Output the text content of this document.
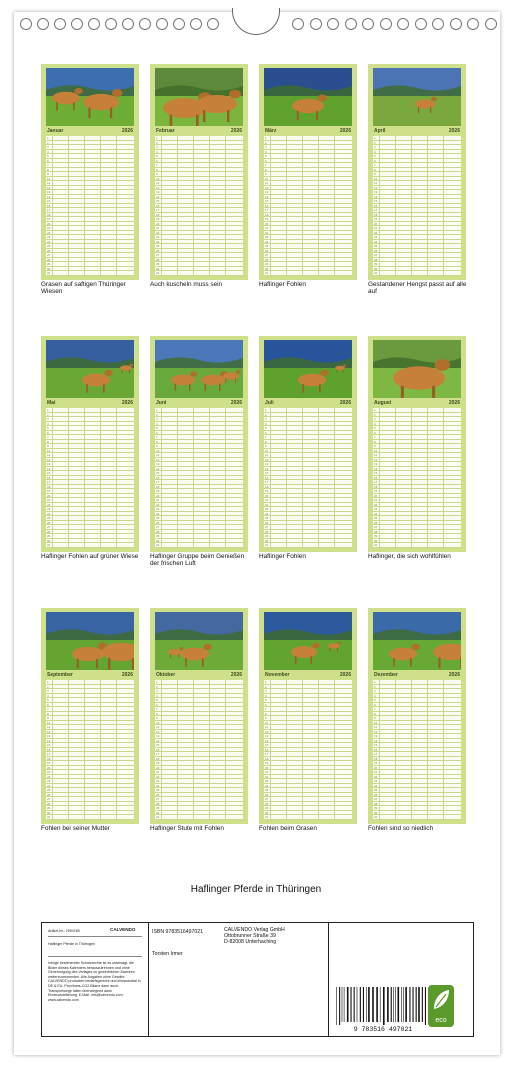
Januar	2026
1
2
3
4
5
6
7
8
9
10
11
12
13
14
15
16
17
18
19
20
21
22
23
24
25
26
27
28
29
30
31
Grasen auf saftigen Thüringer Wiesen
Februar	2026
1
2
3
4
5
6
7
8
9
10
11
12
13
14
15
16
17
18
19
20
21
22
23
24
25
26
27
28
29
30
31
Auch kuscheln muss sein
März	2026
1
2
3
4
5
6
7
8
9
10
11
12
13
14
15
16
17
18
19
20
21
22
23
24
25
26
27
28
29
30
31
Haflinger Fohlen
April	2026
1
2
3
4
5
6
7
8
9
10
11
12
13
14
15
16
17
18
19
20
21
22
23
24
25
26
27
28
29
30
31
Gestandener Hengst passt auf alle auf
Mai	2026
1
2
3
4
5
6
7
8
9
10
11
12
13
14
15
16
17
18
19
20
21
22
23
24
25
26
27
28
29
30
31
Haflinger Fohlen auf grüner Wiese
Juni	2026
1
2
3
4
5
6
7
8
9
10
11
12
13
14
15
16
17
18
19
20
21
22
23
24
25
26
27
28
29
30
31
Haflinger Gruppe beim Genießen der frischen Luft
Juli	2026
1
2
3
4
5
6
7
8
9
10
11
12
13
14
15
16
17
18
19
20
21
22
23
24
25
26
27
28
29
30
31
Haflinger Fohlen
August	2026
1
2
3
4
5
6
7
8
9
10
11
12
13
14
15
16
17
18
19
20
21
22
23
24
25
26
27
28
29
30
31
Haflinger, die sich wohlfühlen
September	2026
1
2
3
4
5
6
7
8
9
10
11
12
13
14
15
16
17
18
19
20
21
22
23
24
25
26
27
28
29
30
31
Fohlen bei seiner Mutter
Oktober	2026
1
2
3
4
5
6
7
8
9
10
11
12
13
14
15
16
17
18
19
20
21
22
23
24
25
26
27
28
29
30
31
Haflinger Stute mit Fohlen
November	2026
1
2
3
4
5
6
7
8
9
10
11
12
13
14
15
16
17
18
19
20
21
22
23
24
25
26
27
28
29
30
31
Fohlen beim Grasen
Dezember	2026
1
2
3
4
5
6
7
8
9
10
11
12
13
14
15
16
17
18
19
20
21
22
23
24
25
26
27
28
29
30
31
Fohlen sind so niedlich
Haflinger Pferde in Thüringen
Artikel-Nr.: 2994785	CALVENDO
Haflinger Pferde in Thüringen
Infolge bestehender Schutzrechte ist es untersagt, die Bilder dieses Kalenders herauszutrennen und ohne Genehmigung des Verlages zu gewerblichen Zwecken weiterzuverwenden. Alle Angaben ohne Gewähr. CALVENDO produziert bedarfsgerecht und klimaneutral in DE & EU. Prov/hans-CO2-Bilanz dann auch: Transportwege fallen überwiegend dank Eindruckdrittelung. E-Mail: info@calvendo.com · www.calvendo.com
ISBN 9783516497021
Torsten Irmer
CALVENDO Verlag GmbH
Ottobrunner Straße 39
D-82008 Unterhaching
9 783516 497021
eco
